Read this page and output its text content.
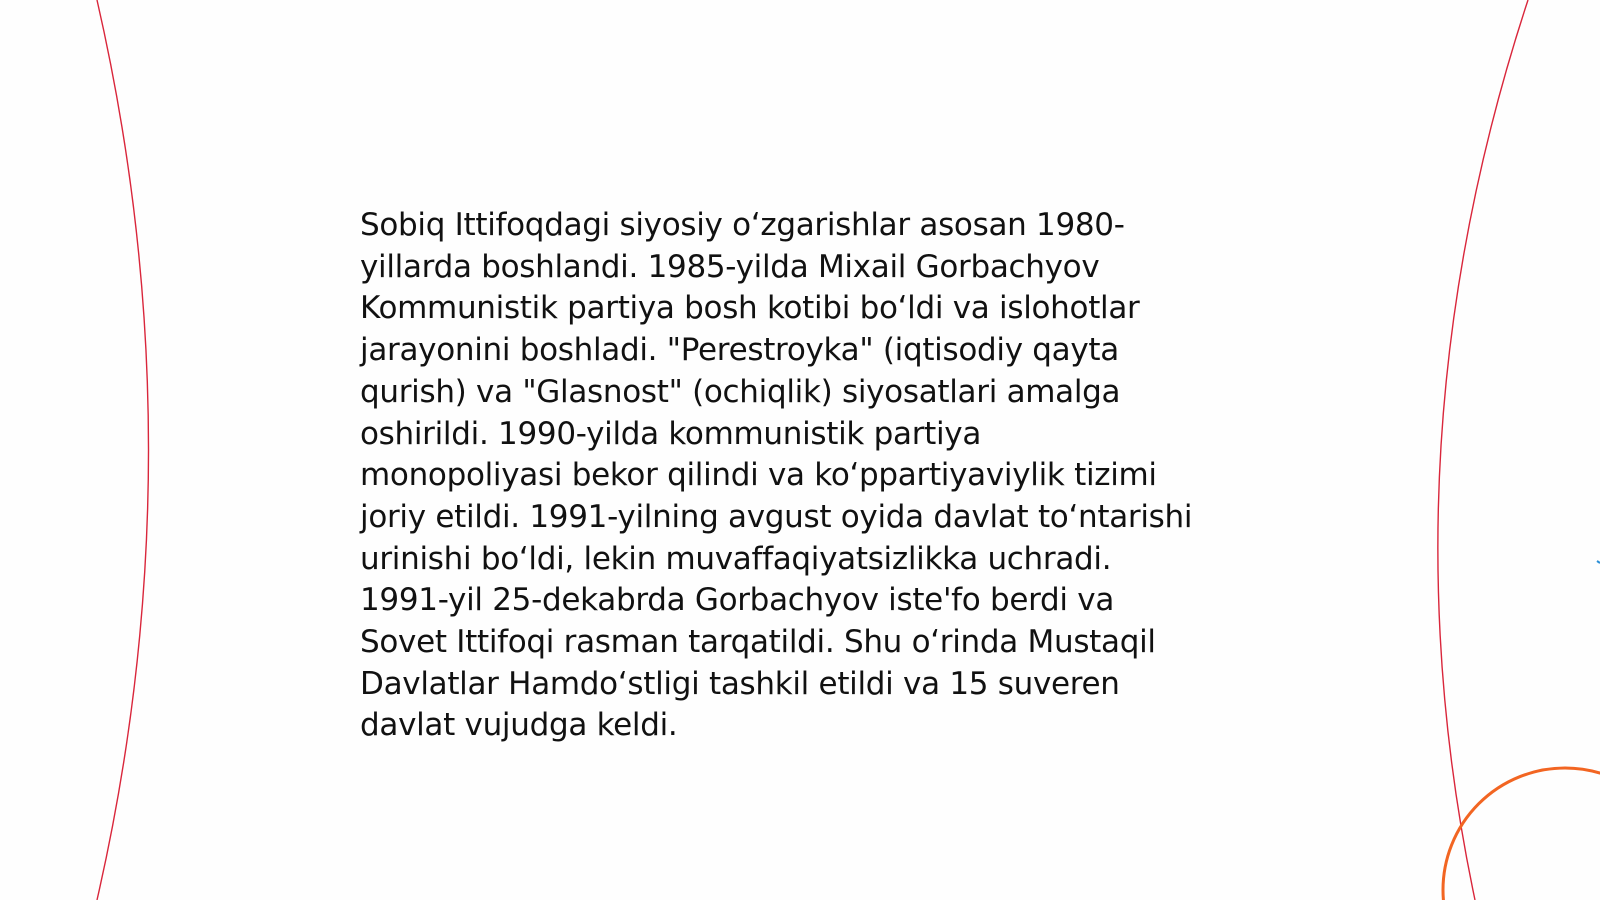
Sobiq Ittifoqdagi siyosiy o‘zgarishlar asosan 1980-
yillarda boshlandi. 1985-yilda Mixail Gorbachyov
Kommunistik partiya bosh kotibi bo‘ldi va islohotlar
jarayonini boshladi. "Perestroyka" (iqtisodiy qayta
qurish) va "Glasnost" (ochiqlik) siyosatlari amalga
oshirildi. 1990-yilda kommunistik partiya
monopoliyasi bekor qilindi va ko‘ppartiyaviylik tizimi
joriy etildi. 1991-yilning avgust oyida davlat to‘ntarishi
urinishi bo‘ldi, lekin muvaffaqiyatsizlikka uchradi.
1991-yil 25-dekabrda Gorbachyov iste'fo berdi va
Sovet Ittifoqi rasman tarqatildi. Shu o‘rinda Mustaqil
Davlatlar Hamdo‘stligi tashkil etildi va 15 suveren
davlat vujudga keldi.
